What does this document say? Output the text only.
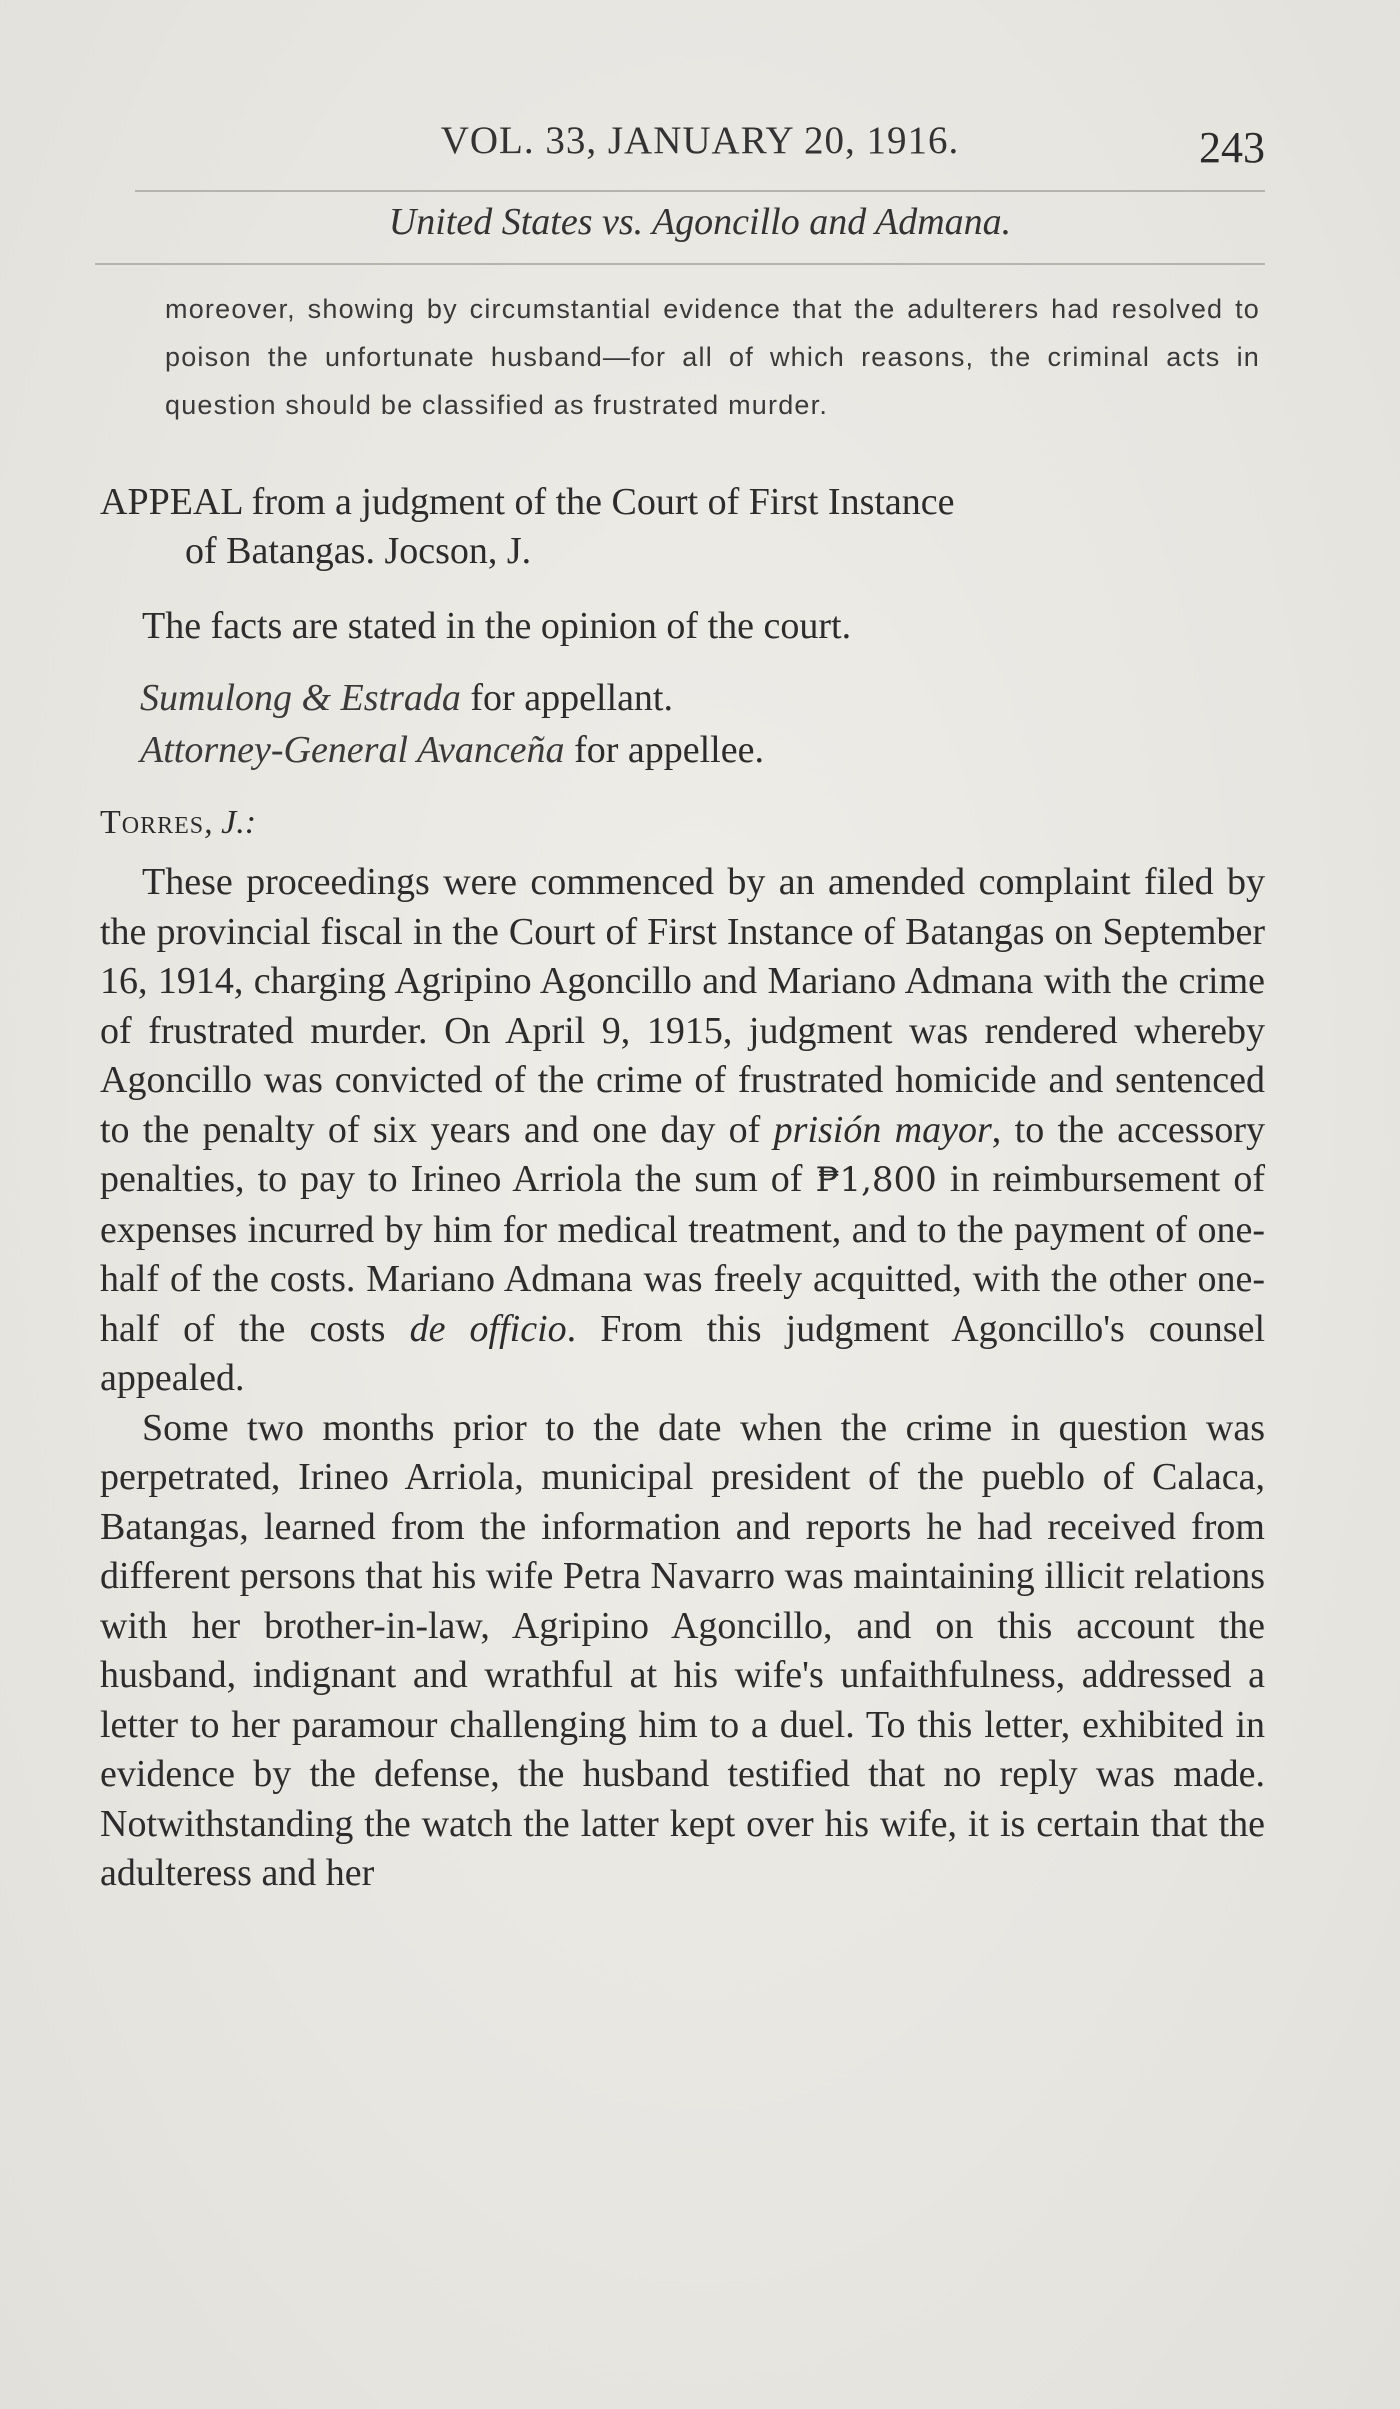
VOL. 33, JANUARY 20, 1916.	243
United States vs. Agoncillo and Admana.
moreover, showing by circumstantial evidence that the adulterers had resolved to poison the unfortunate husband—for all of which reasons, the criminal acts in question should be classified as frustrated murder.
APPEAL from a judgment of the Court of First Instance
of Batangas. Jocson, J.
The facts are stated in the opinion of the court.
Sumulong & Estrada for appellant.
Attorney-General Avanceña for appellee.
Torres, J.:

These proceedings were commenced by an amended complaint filed by the provincial fiscal in the Court of First Instance of Batangas on September 16, 1914, charging Agripino Agoncillo and Mariano Admana with the crime of frustrated murder. On April 9, 1915, judgment was rendered whereby Agoncillo was convicted of the crime of frustrated homicide and sentenced to the penalty of six years and one day of prisión mayor, to the accessory penalties, to pay to Irineo Arriola the sum of ₱1,800 in reimbursement of expenses incurred by him for medical treatment, and to the payment of one-half of the costs. Mariano Admana was freely acquitted, with the other one-half of the costs de officio. From this judgment Agoncillo's counsel appealed.

Some two months prior to the date when the crime in question was perpetrated, Irineo Arriola, municipal president of the pueblo of Calaca, Batangas, learned from the information and reports he had received from different persons that his wife Petra Navarro was maintaining illicit relations with her brother-in-law, Agripino Agoncillo, and on this account the husband, indignant and wrathful at his wife's unfaithfulness, addressed a letter to her paramour challenging him to a duel. To this letter, exhibited in evidence by the defense, the husband testified that no reply was made. Notwithstanding the watch the latter kept over his wife, it is certain that the adulteress and her
